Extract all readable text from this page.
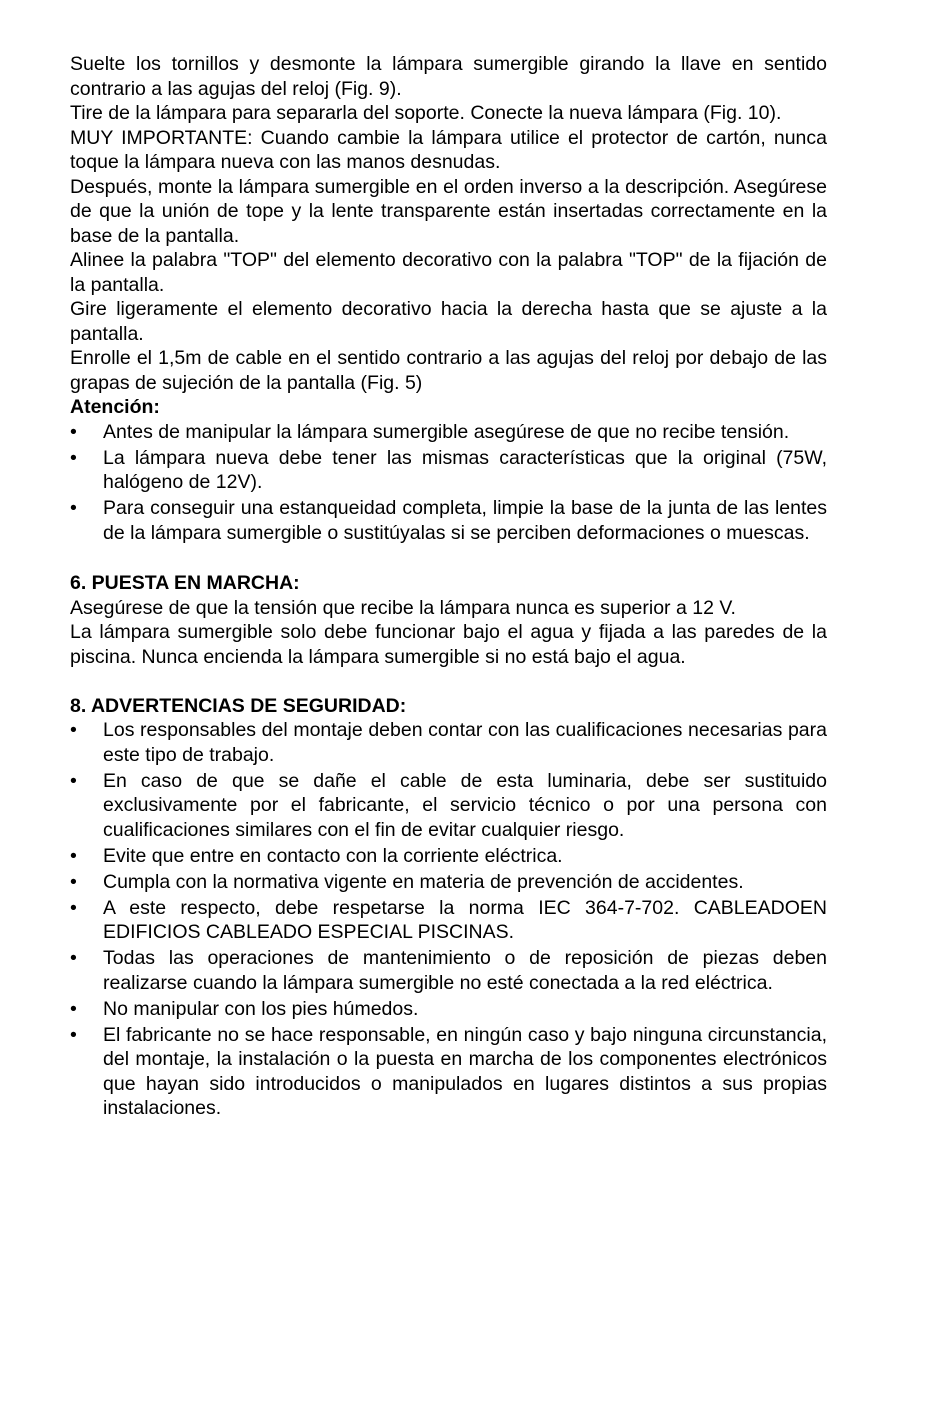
Suelte los tornillos y desmonte la lámpara sumergible girando la llave en sentido contrario a las agujas del reloj (Fig. 9).

Tire de la lámpara para separarla del soporte. Conecte la nueva lámpara (Fig. 10).

MUY IMPORTANTE: Cuando cambie la lámpara utilice el protector de cartón, nunca toque la lámpara nueva con las manos desnudas.

Después, monte la lámpara sumergible en el orden inverso a la descripción. Asegúrese de que la unión de tope y la lente transparente están insertadas correctamente en la base de la pantalla.

Alinee la palabra "TOP" del elemento decorativo con la palabra "TOP" de la fijación de la pantalla.

Gire ligeramente el elemento decorativo hacia la derecha hasta que se ajuste a la pantalla.

Enrolle el 1,5m de cable en el sentido contrario a las agujas del reloj por debajo de las grapas de sujeción de la pantalla (Fig. 5)

Atención:

•	Antes de manipular la lámpara sumergible asegúrese de que no recibe tensión.
•	La lámpara nueva debe tener las mismas características que la original (75W, halógeno de 12V).
•	Para conseguir una estanqueidad completa, limpie la base de la junta de las lentes de la lámpara sumergible o sustitúyalas si se perciben deformaciones o muescas.

6. PUESTA EN MARCHA:

Asegúrese de que la tensión que recibe la lámpara nunca es superior a 12 V.

La lámpara sumergible solo debe funcionar bajo el agua y fijada a las paredes de la piscina. Nunca encienda la lámpara sumergible si no está bajo el agua.

8. ADVERTENCIAS DE SEGURIDAD:

•	Los responsables del montaje deben contar con las cualificaciones necesarias para este tipo de trabajo.
•	En caso de que se dañe el cable de esta luminaria, debe ser sustituido exclusivamente por el fabricante, el servicio técnico o por una persona con cualificaciones similares con el fin de evitar cualquier riesgo.
•	Evite que entre en contacto con la corriente eléctrica.
•	Cumpla con la normativa vigente en materia de prevención de accidentes.
•	A este respecto, debe respetarse la norma IEC 364-7-702. CABLEADOEN EDIFICIOS CABLEADO ESPECIAL PISCINAS.
•	Todas las operaciones de mantenimiento o de reposición de piezas deben realizarse cuando la lámpara sumergible no esté conectada a la red eléctrica.
•	No manipular con los pies húmedos.
•	El fabricante no se hace responsable, en ningún caso y bajo ninguna circunstancia, del montaje, la instalación o la puesta en marcha de los componentes electrónicos que hayan sido introducidos o manipulados en lugares distintos a sus propias instalaciones.
